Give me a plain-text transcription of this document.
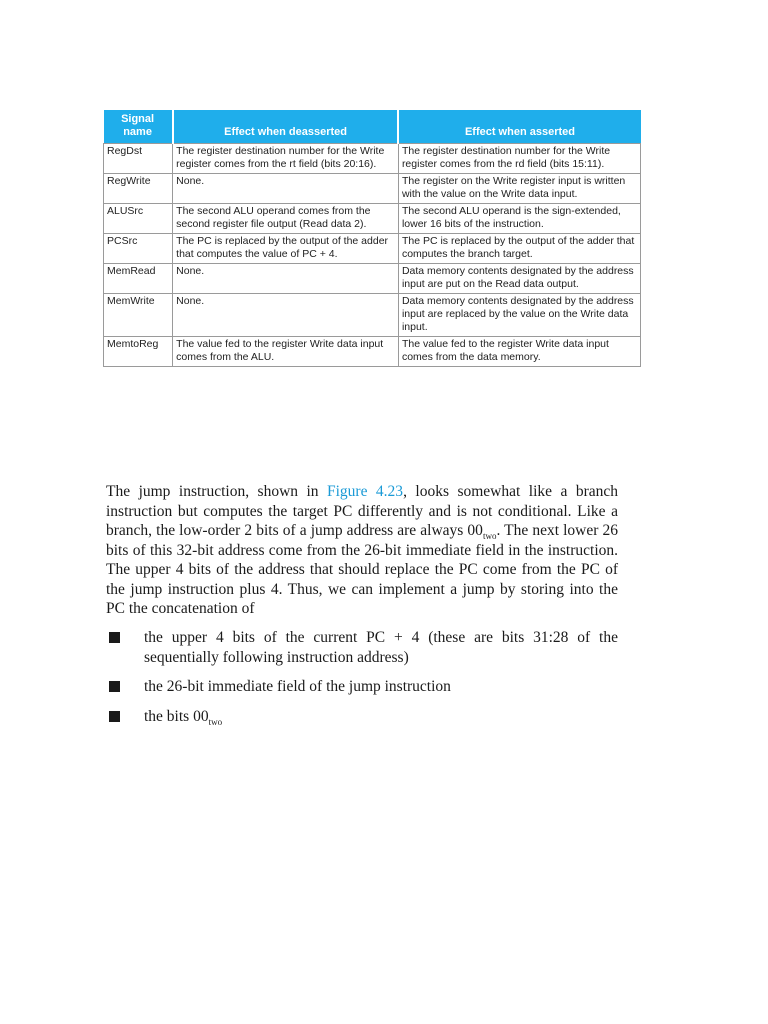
Signal
name	Effect when deasserted	Effect when asserted
RegDst	The register destination number for the Write register comes from the rt field (bits 20:16).	The register destination number for the Write register comes from the rd field (bits 15:11).
RegWrite	None.	The register on the Write register input is written with the value on the Write data input.
ALUSrc	The second ALU operand comes from the second register file output (Read data 2).	The second ALU operand is the sign-extended, lower 16 bits of the instruction.
PCSrc	The PC is replaced by the output of the adder that computes the value of PC + 4.	The PC is replaced by the output of the adder that computes the branch target.
MemRead	None.	Data memory contents designated by the address input are put on the Read data output.
MemWrite	None.	Data memory contents designated by the address input are replaced by the value on the Write data input.
MemtoReg	The value fed to the register Write data input comes from the ALU.	The value fed to the register Write data input comes from the data memory.

The jump instruction, shown in Figure 4.23, looks somewhat like a branch instruction but computes the target PC differently and is not conditional. Like a branch, the low-order 2 bits of a jump address are always $00_{two}$. The next lower 26 bits of this 32-bit address come from the 26-bit immediate field in the instruction. The upper 4 bits of the address that should replace the PC come from the PC of the jump instruction plus 4. Thus, we can implement a jump by storing into the PC the concatenation of

the upper 4 bits of the current PC + 4 (these are bits 31:28 of the sequentially following instruction address)
the 26-bit immediate field of the jump instruction
the bits $00_{two}$
